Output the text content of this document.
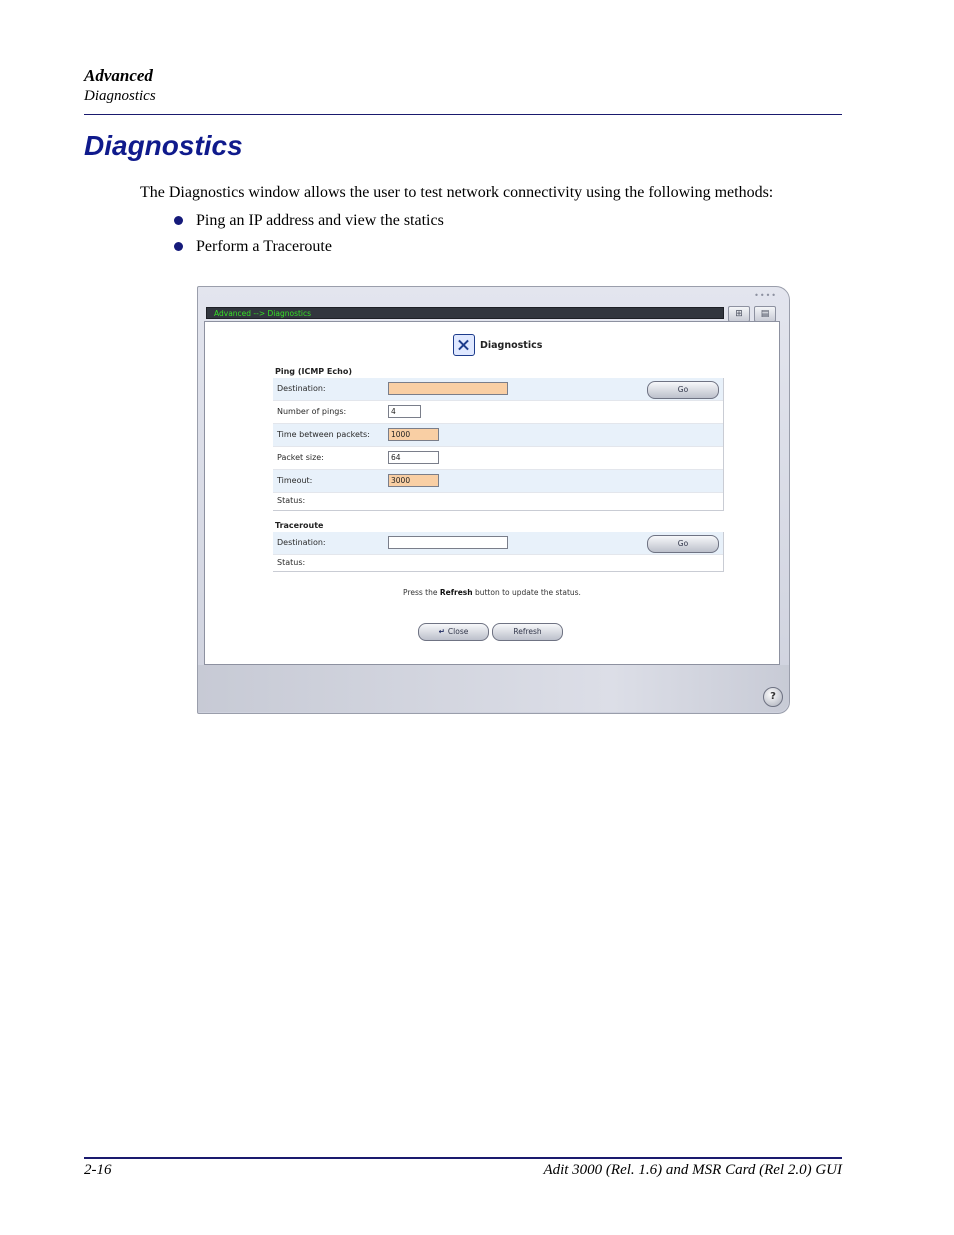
Advanced
Diagnostics
Diagnostics
The Diagnostics window allows the user to test network connectivity using the following methods:
Ping an IP address and view the statics
Perform a Traceroute
••••
Advanced --> Diagnostics	⊞	▤
Diagnostics
Ping (ICMP Echo)
Destination:	Go
Number of pings:
4
Time between packets:
1000
Packet size:
64
Timeout:
3000
Status:
Traceroute
Destination:	Go
Status:
Press the Refresh button to update the status.
↵ Close	Refresh
?
2-16	Adit 3000 (Rel. 1.6) and MSR Card (Rel 2.0) GUI
